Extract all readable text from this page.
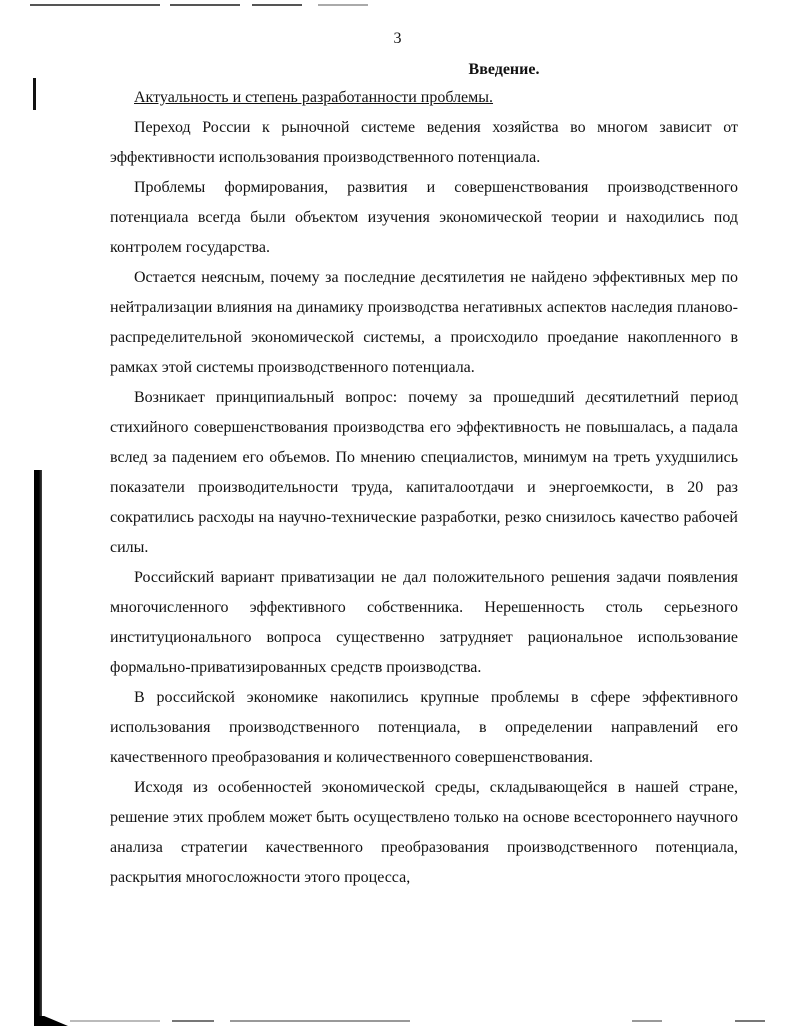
3
Введение.

Актуальность и степень разработанности проблемы.

Переход России к рыночной системе ведения хозяйства во многом зависит от эффективности использования производственного потенциала.

Проблемы формирования, развития и совершенствования производственного потенциала всегда были объектом изучения экономической теории и находились под контролем государства.

Остается неясным, почему за последние десятилетия не найдено эффективных мер по нейтрализации влияния на динамику производства негативных аспектов наследия планово-распределительной экономической системы, а происходило проедание накопленного в рамках этой системы производственного потенциала.

Возникает принципиальный вопрос: почему за прошедший десятилетний период стихийного совершенствования производства его эффективность не повышалась, а падала вслед за падением его объемов. По мнению специалистов, минимум на треть ухудшились показатели производительности труда, капиталоотдачи и энергоемкости, в 20 раз сократились расходы на научно-технические разработки, резко снизилось качество рабочей силы.

Российский вариант приватизации не дал положительного решения задачи появления многочисленного эффективного собственника. Нерешенность столь серьезного институционального вопроса существенно затрудняет рациональное использование формально-приватизированных средств производства.

В российской экономике накопились крупные проблемы в сфере эффективного использования производственного потенциала, в определении направлений его качественного преобразования и количественного совершенствования.

Исходя из особенностей экономической среды, складывающейся в нашей стране, решение этих проблем может быть осуществлено только на основе всестороннего научного анализа стратегии качественного преобразования производственного потенциала, раскрытия многосложности этого процесса,
